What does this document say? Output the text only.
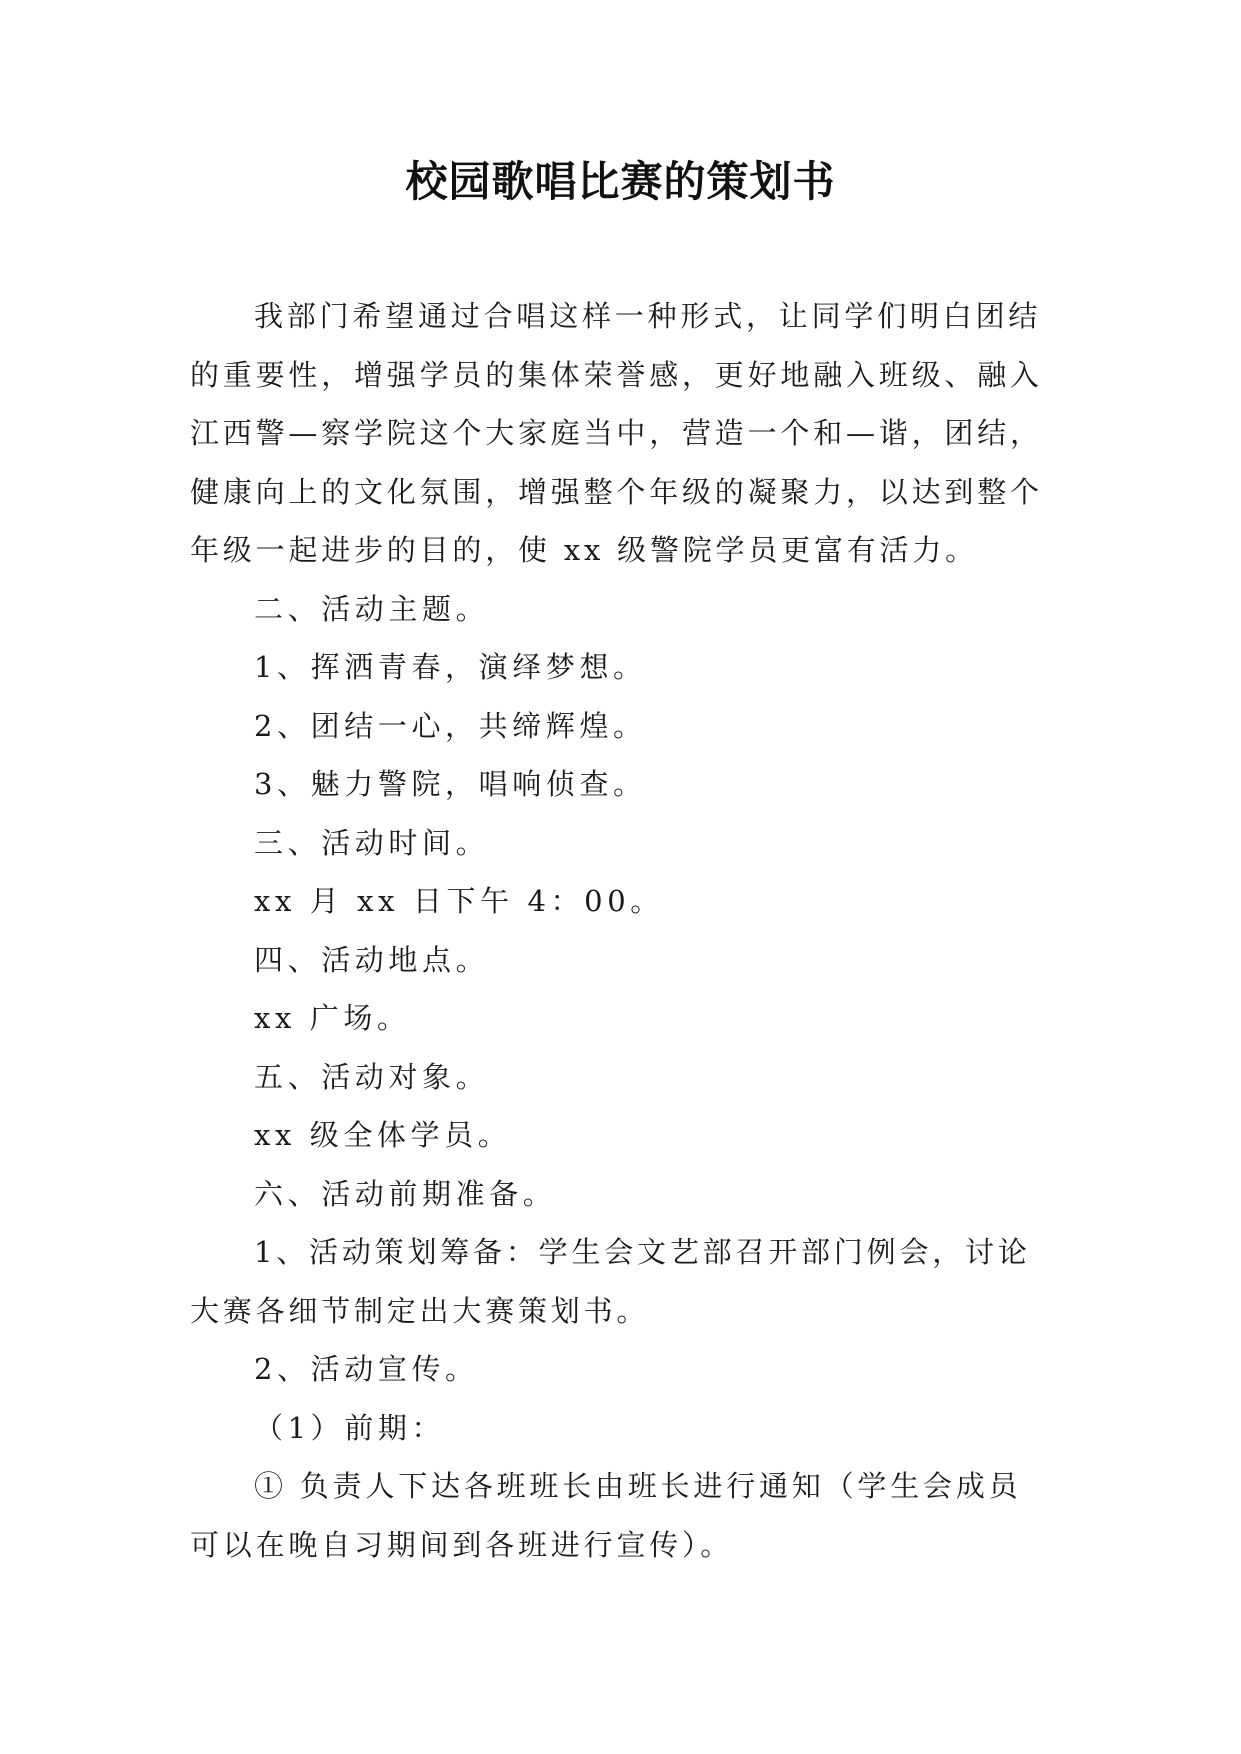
校园歌唱比赛的策划书

我部门希望通过合唱这样一种形式，让同学们明白团结的重要性，增强学员的集体荣誉感，更好地融入班级、融入江西警—察学院这个大家庭当中，营造一个和—谐，团结，健康向上的文化氛围，增强整个年级的凝聚力，以达到整个年级一起进步的目的，使 xx 级警院学员更富有活力。

二、活动主题。

1、挥洒青春，演绎梦想。

2、团结一心，共缔辉煌。

3、魅力警院，唱响侦查。

三、活动时间。

xx 月 xx 日下午 4：00。

四、活动地点。

xx 广场。

五、活动对象。

xx 级全体学员。

六、活动前期准备。

1、活动策划筹备：学生会文艺部召开部门例会，讨论大赛各细节制定出大赛策划书。

2、活动宣传。

（1）前期：

① 负责人下达各班班长由班长进行通知（学生会成员可以在晚自习期间到各班进行宣传）。
